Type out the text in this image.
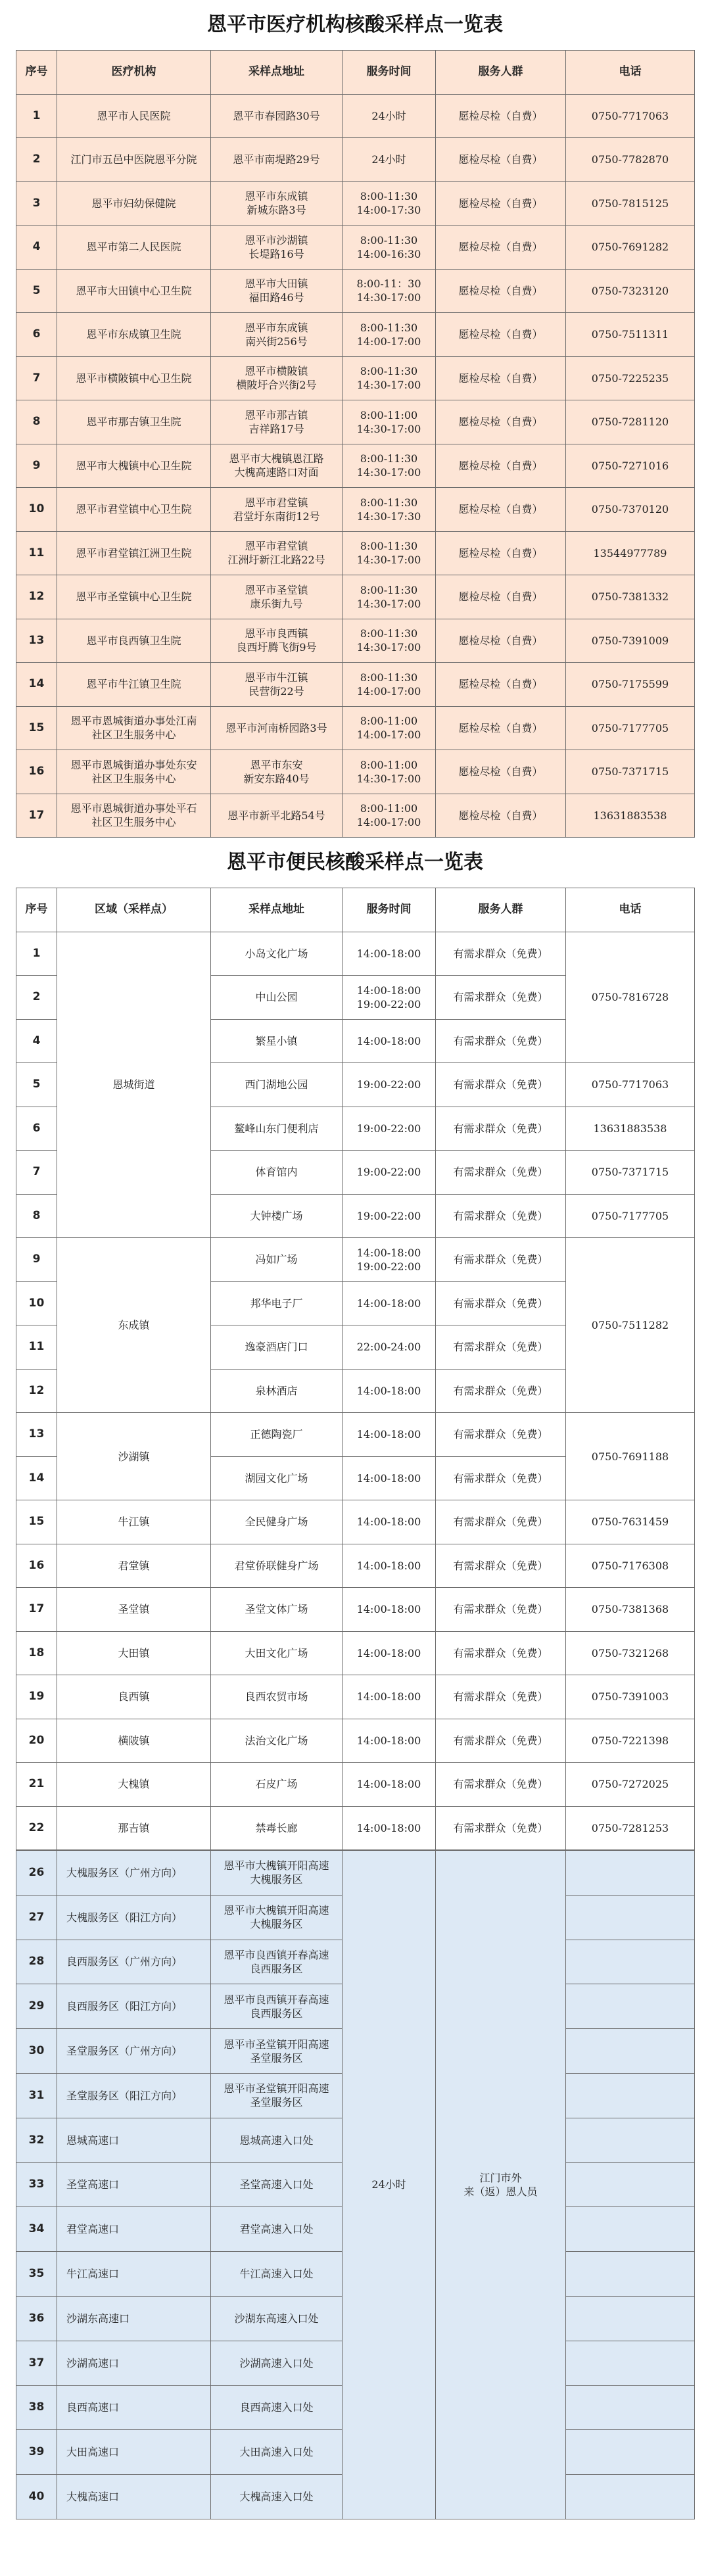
恩平市医疗机构核酸采样点一览表
序号	医疗机构	采样点地址	服务时间	服务人群	电话
1	恩平市人民医院	恩平市春园路30号	24小时	愿检尽检（自费）	0750-7717063
2	江门市五邑中医院恩平分院	恩平市南堤路29号	24小时	愿检尽检（自费）	0750-7782870
3	恩平市妇幼保健院	恩平市东成镇
新城东路3号	8:00-11:30
14:00-17:30	愿检尽检（自费）	0750-7815125
4	恩平市第二人民医院	恩平市沙湖镇
长堤路16号	8:00-11:30
14:00-16:30	愿检尽检（自费）	0750-7691282
5	恩平市大田镇中心卫生院	恩平市大田镇
福田路46号	8:00-11：30
14:30-17:00	愿检尽检（自费）	0750-7323120
6	恩平市东成镇卫生院	恩平市东成镇
南兴街256号	8:00-11:30
14:00-17:00	愿检尽检（自费）	0750-7511311
7	恩平市横陂镇中心卫生院	恩平市横陂镇
横陂圩合兴街2号	8:00-11:30
14:30-17:00	愿检尽检（自费）	0750-7225235
8	恩平市那吉镇卫生院	恩平市那吉镇
吉祥路17号	8:00-11:00
14:30-17:00	愿检尽检（自费）	0750-7281120
9	恩平市大槐镇中心卫生院	恩平市大槐镇恩江路
大槐高速路口对面	8:00-11:30
14:30-17:00	愿检尽检（自费）	0750-7271016
10	恩平市君堂镇中心卫生院	恩平市君堂镇
君堂圩东南街12号	8:00-11:30
14:30-17:30	愿检尽检（自费）	0750-7370120
11	恩平市君堂镇江洲卫生院	恩平市君堂镇
江洲圩新江北路22号	8:00-11:30
14:30-17:00	愿检尽检（自费）	13544977789
12	恩平市圣堂镇中心卫生院	恩平市圣堂镇
康乐街九号	8:00-11:30
14:30-17:00	愿检尽检（自费）	0750-7381332
13	恩平市良西镇卫生院	恩平市良西镇
良西圩腾飞街9号	8:00-11:30
14:30-17:00	愿检尽检（自费）	0750-7391009
14	恩平市牛江镇卫生院	恩平市牛江镇
民营街22号	8:00-11:30
14:00-17:00	愿检尽检（自费）	0750-7175599
15	恩平市恩城街道办事处江南
社区卫生服务中心	恩平市河南桥园路3号	8:00-11:00
14:00-17:00	愿检尽检（自费）	0750-7177705
16	恩平市恩城街道办事处东安
社区卫生服务中心	恩平市东安
新安东路40号	8:00-11:00
14:30-17:00	愿检尽检（自费）	0750-7371715
17	恩平市恩城街道办事处平石
社区卫生服务中心	恩平市新平北路54号	8:00-11:00
14:00-17:00	愿检尽检（自费）	13631883538
恩平市便民核酸采样点一览表
序号	区域（采样点）	采样点地址	服务时间	服务人群	电话
1	恩城街道	小岛文化广场	14:00-18:00	有需求群众（免费）	0750-7816728
2		中山公园	14:00-18:00
19:00-22:00	有需求群众（免费）	
4		繁星小镇	14:00-18:00	有需求群众（免费）	
5		西门湖地公园	19:00-22:00	有需求群众（免费）	0750-7717063
6		鳌峰山东门便利店	19:00-22:00	有需求群众（免费）	13631883538
7		体育馆内	19:00-22:00	有需求群众（免费）	0750-7371715
8		大钟楼广场	19:00-22:00	有需求群众（免费）	0750-7177705
9	东成镇	冯如广场	14:00-18:00
19:00-22:00	有需求群众（免费）	0750-7511282
10		邦华电子厂	14:00-18:00	有需求群众（免费）	
11		逸豪酒店门口	22:00-24:00	有需求群众（免费）	
12		泉林酒店	14:00-18:00	有需求群众（免费）	
13	沙湖镇	正德陶瓷厂	14:00-18:00	有需求群众（免费）	0750-7691188
14		湖园文化广场	14:00-18:00	有需求群众（免费）	
15	牛江镇	全民健身广场	14:00-18:00	有需求群众（免费）	0750-7631459
16	君堂镇	君堂侨联健身广场	14:00-18:00	有需求群众（免费）	0750-7176308
17	圣堂镇	圣堂文体广场	14:00-18:00	有需求群众（免费）	0750-7381368
18	大田镇	大田文化广场	14:00-18:00	有需求群众（免费）	0750-7321268
19	良西镇	良西农贸市场	14:00-18:00	有需求群众（免费）	0750-7391003
20	横陂镇	法治文化广场	14:00-18:00	有需求群众（免费）	0750-7221398
21	大槐镇	石皮广场	14:00-18:00	有需求群众（免费）	0750-7272025
22	那吉镇	禁毒长廊	14:00-18:00	有需求群众（免费）	0750-7281253
26	大槐服务区（广州方向）	恩平市大槐镇开阳高速
大槐服务区	24小时	江门市外
来（返）恩人员	
27	大槐服务区（阳江方向）	恩平市大槐镇开阳高速
大槐服务区			
28	良西服务区（广州方向）	恩平市良西镇开春高速
良西服务区			
29	良西服务区（阳江方向）	恩平市良西镇开春高速
良西服务区			
30	圣堂服务区（广州方向）	恩平市圣堂镇开阳高速
圣堂服务区			
31	圣堂服务区（阳江方向）	恩平市圣堂镇开阳高速
圣堂服务区			
32	恩城高速口	恩城高速入口处			
33	圣堂高速口	圣堂高速入口处			
34	君堂高速口	君堂高速入口处			
35	牛江高速口	牛江高速入口处			
36	沙湖东高速口	沙湖东高速入口处			
37	沙湖高速口	沙湖高速入口处			
38	良西高速口	良西高速入口处			
39	大田高速口	大田高速入口处			
40	大槐高速口	大槐高速入口处			
